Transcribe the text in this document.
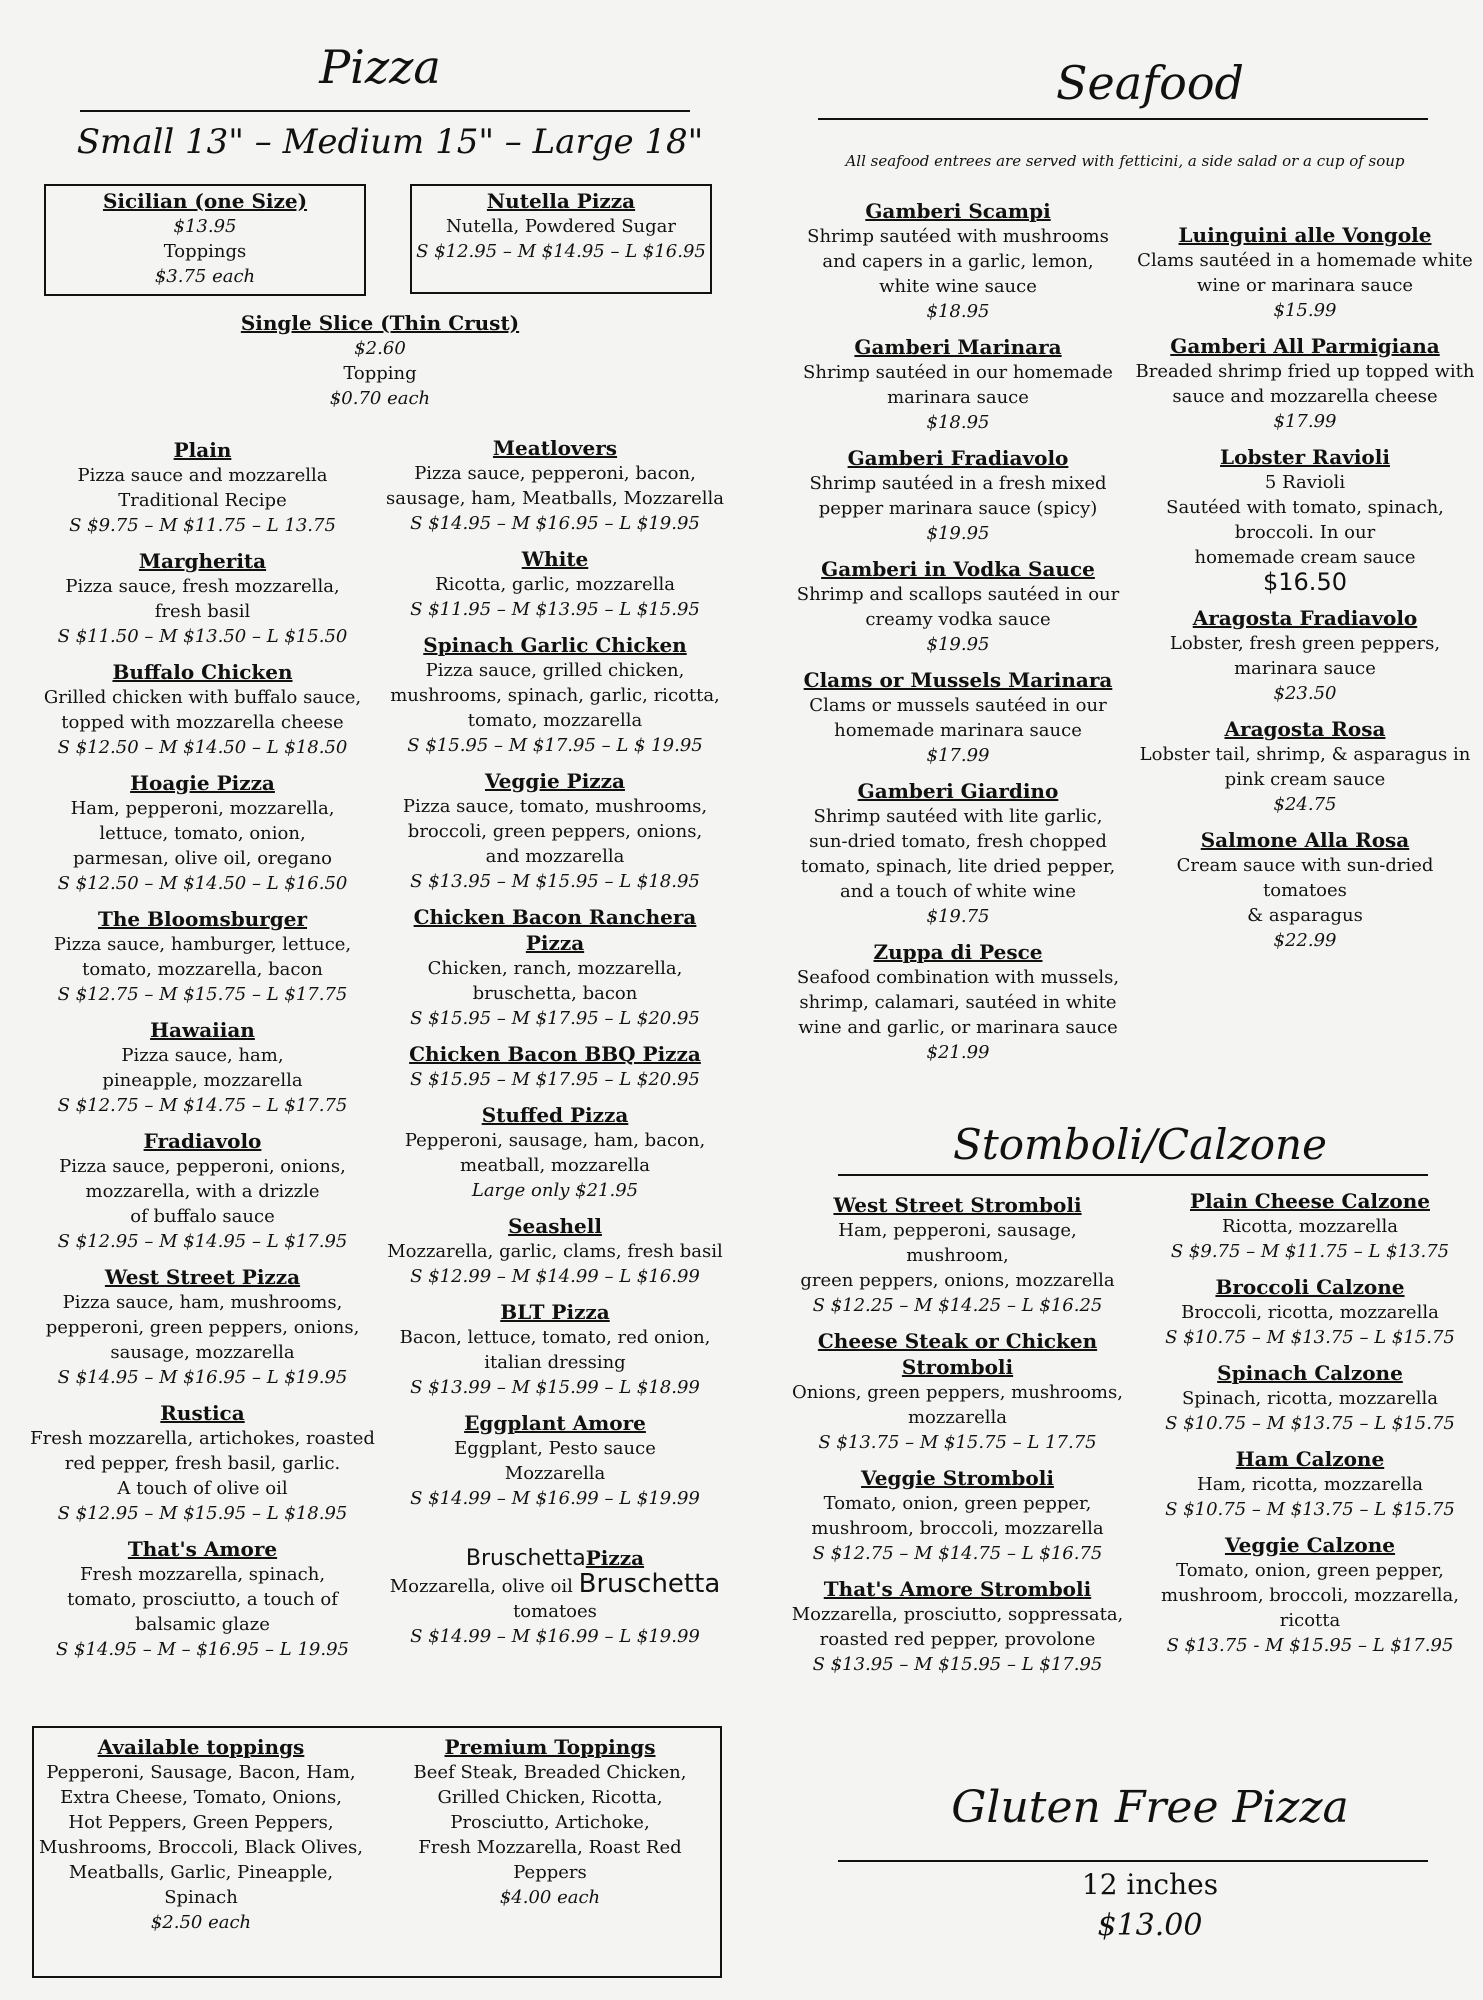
Pizza
Small 13" – Medium 15" – Large 18"
Sicilian (one Size)
$13.95
Toppings
$3.75 each
Nutella Pizza
Nutella, Powdered Sugar
S $12.95 – M $14.95 – L $16.95
Single Slice (Thin Crust)
$2.60
Topping
$0.70 each
Plain
Pizza sauce and mozzarella
Traditional Recipe
S $9.75 – M $11.75 – L 13.75
Margherita
Pizza sauce, fresh mozzarella,
fresh basil
S $11.50 – M $13.50 – L $15.50
Buffalo Chicken
Grilled chicken with buffalo sauce,
topped with mozzarella cheese
S $12.50 – M $14.50 – L $18.50
Hoagie Pizza
Ham, pepperoni, mozzarella,
lettuce, tomato, onion,
parmesan, olive oil, oregano
S $12.50 – M $14.50 – L $16.50
The Bloomsburger
Pizza sauce, hamburger, lettuce,
tomato, mozzarella, bacon
S $12.75 – M $15.75 – L $17.75
Hawaiian
Pizza sauce, ham,
pineapple, mozzarella
S $12.75 – M $14.75 – L $17.75
Fradiavolo
Pizza sauce, pepperoni, onions,
mozzarella, with a drizzle
of buffalo sauce
S $12.95 – M $14.95 – L $17.95
West Street Pizza
Pizza sauce, ham, mushrooms,
pepperoni, green peppers, onions,
sausage, mozzarella
S $14.95 – M $16.95 – L $19.95
Rustica
Fresh mozzarella, artichokes, roasted
red pepper, fresh basil, garlic.
A touch of olive oil
S $12.95 – M $15.95 – L $18.95
That's Amore
Fresh mozzarella, spinach,
tomato, prosciutto, a touch of
balsamic glaze
S $14.95 – M – $16.95 – L 19.95
Meatlovers
Pizza sauce, pepperoni, bacon,
sausage, ham, Meatballs, Mozzarella
S $14.95 – M $16.95 – L $19.95
White
Ricotta, garlic, mozzarella
S $11.95 – M $13.95 – L $15.95
Spinach Garlic Chicken
Pizza sauce, grilled chicken,
mushrooms, spinach, garlic, ricotta,
tomato, mozzarella
S $15.95 – M $17.95 – L $ 19.95
Veggie Pizza
Pizza sauce, tomato, mushrooms,
broccoli, green peppers, onions,
and mozzarella
S $13.95 – M $15.95 – L $18.95
Chicken Bacon Ranchera Pizza
Chicken, ranch, mozzarella,
bruschetta, bacon
S $15.95 – M $17.95 – L $20.95
Chicken Bacon BBQ Pizza
S $15.95 – M $17.95 – L $20.95
Stuffed Pizza
Pepperoni, sausage, ham, bacon,
meatball, mozzarella
Large only $21.95
Seashell
Mozzarella, garlic, clams, fresh basil
S $12.99 – M $14.99 – L $16.99
BLT Pizza
Bacon, lettuce, tomato, red onion,
italian dressing
S $13.99 – M $15.99 – L $18.99
Eggplant Amore
Eggplant, Pesto sauce
Mozzarella
S $14.99 – M $16.99 – L $19.99
BruschettaPizza
Mozzarella, olive oil Bruschetta
tomatoes
S $14.99 – M $16.99 – L $19.99
Available toppings
Pepperoni, Sausage, Bacon, Ham,
Extra Cheese, Tomato, Onions,
Hot Peppers, Green Peppers,
Mushrooms, Broccoli, Black Olives,
Meatballs, Garlic, Pineapple,
Spinach
$2.50 each
Premium Toppings
Beef Steak, Breaded Chicken,
Grilled Chicken, Ricotta,
Prosciutto, Artichoke,
Fresh Mozzarella, Roast Red Peppers
$4.00 each
Seafood
All seafood entrees are served with fetticini, a side salad or a cup of soup
Gamberi Scampi
Shrimp sautéed with mushrooms
and capers in a garlic, lemon,
white wine sauce
$18.95
Gamberi Marinara
Shrimp sautéed in our homemade
marinara sauce
$18.95
Gamberi Fradiavolo
Shrimp sautéed in a fresh mixed
pepper marinara sauce (spicy)
$19.95
Gamberi in Vodka Sauce
Shrimp and scallops sautéed in our
creamy vodka sauce
$19.95
Clams or Mussels Marinara
Clams or mussels sautéed in our
homemade marinara sauce
$17.99
Gamberi Giardino
Shrimp sautéed with lite garlic,
sun-dried tomato, fresh chopped
tomato, spinach, lite dried pepper,
and a touch of white wine
$19.75
Zuppa di Pesce
Seafood combination with mussels,
shrimp, calamari, sautéed in white
wine and garlic, or marinara sauce
$21.99
Luinguini alle Vongole
Clams sautéed in a homemade white
wine or marinara sauce
$15.99
Gamberi All Parmigiana
Breaded shrimp fried up topped with
sauce and mozzarella cheese
$17.99
Lobster Ravioli
5 Ravioli
Sautéed with tomato, spinach,
broccoli. In our
homemade cream sauce
$16.50
Aragosta Fradiavolo
Lobster, fresh green peppers,
marinara sauce
$23.50
Aragosta Rosa
Lobster tail, shrimp, & asparagus in
pink cream sauce
$24.75
Salmone Alla Rosa
Cream sauce with sun-dried tomatoes
& asparagus
$22.99
Stomboli/Calzone
West Street Stromboli
Ham, pepperoni, sausage, mushroom,
green peppers, onions, mozzarella
S $12.25 – M $14.25 – L $16.25
Cheese Steak or Chicken Stromboli
Onions, green peppers, mushrooms,
mozzarella
S $13.75 – M $15.75 – L 17.75
Veggie Stromboli
Tomato, onion, green pepper,
mushroom, broccoli, mozzarella
S $12.75 – M $14.75 – L $16.75
That's Amore Stromboli
Mozzarella, prosciutto, soppressata,
roasted red pepper, provolone
S $13.95 – M $15.95 – L $17.95
Plain Cheese Calzone
Ricotta, mozzarella
S $9.75 – M $11.75 – L $13.75
Broccoli Calzone
Broccoli, ricotta, mozzarella
S $10.75 – M $13.75 – L $15.75
Spinach Calzone
Spinach, ricotta, mozzarella
S $10.75 – M $13.75 – L $15.75
Ham Calzone
Ham, ricotta, mozzarella
S $10.75 – M $13.75 – L $15.75
Veggie Calzone
Tomato, onion, green pepper,
mushroom, broccoli, mozzarella,
ricotta
S $13.75 - M $15.95 – L $17.95
Gluten Free Pizza
12 inches
$13.00
